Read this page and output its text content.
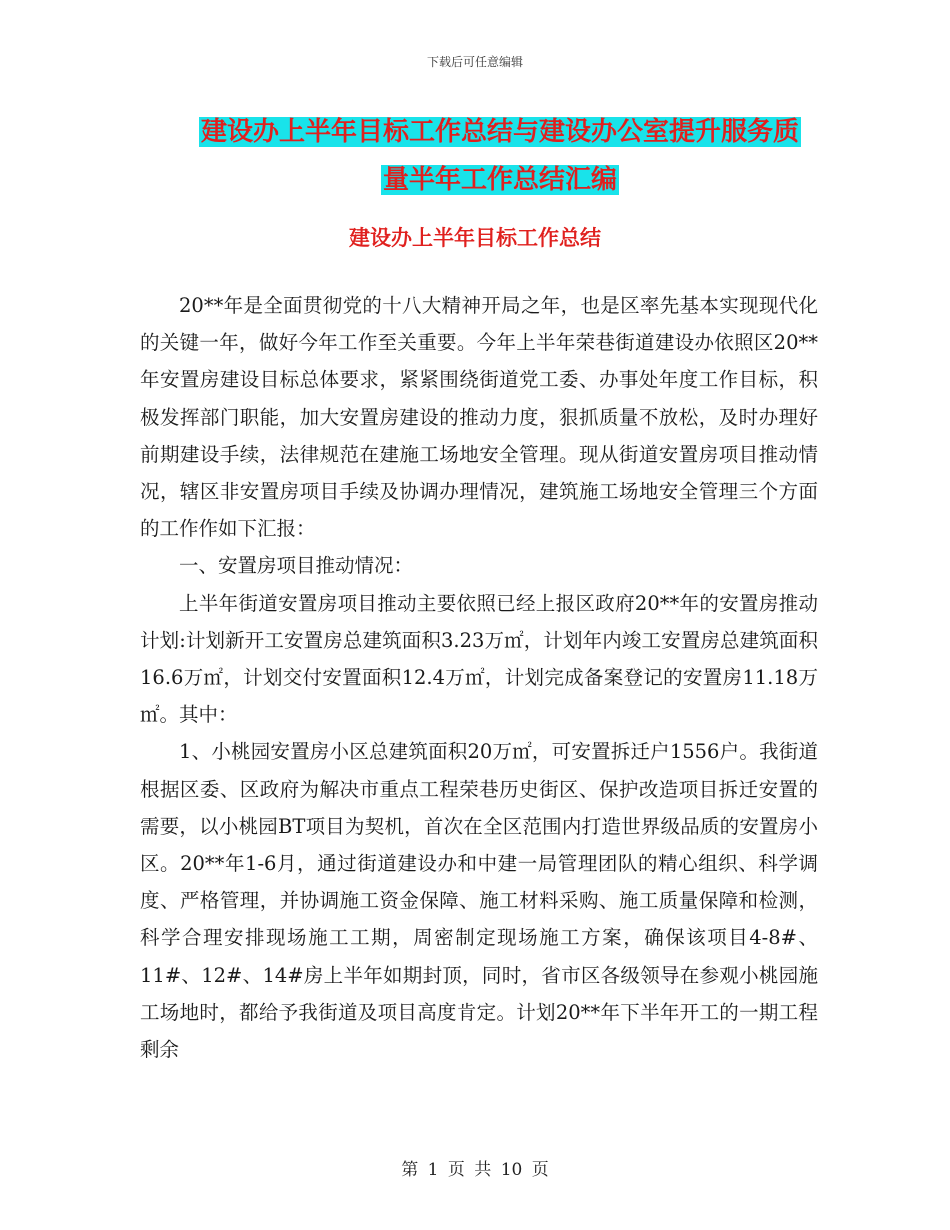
下载后可任意编辑
建设办上半年目标工作总结与建设办公室提升服务质
量半年工作总结汇编
建设办上半年目标工作总结

20**年是全面贯彻党的十八大精神开局之年，也是区率先基本实现现代化的关键一年，做好今年工作至关重要。今年上半年荣巷街道建设办依照区20**年安置房建设目标总体要求，紧紧围绕街道党工委、办事处年度工作目标，积极发挥部门职能，加大安置房建设的推动力度，狠抓质量不放松，及时办理好前期建设手续，法律规范在建施工场地安全管理。现从街道安置房项目推动情况，辖区非安置房项目手续及协调办理情况，建筑施工场地安全管理三个方面的工作作如下汇报：

一、安置房项目推动情况：

上半年街道安置房项目推动主要依照已经上报区政府20**年的安置房推动计划:计划新开工安置房总建筑面积3.23万㎡，计划年内竣工安置房总建筑面积16.6万㎡，计划交付安置面积12.4万㎡，计划完成备案登记的安置房11.18万㎡。其中：

1、小桃园安置房小区总建筑面积20万㎡，可安置拆迁户1556户。我街道根据区委、区政府为解决市重点工程荣巷历史街区、保护改造项目拆迁安置的需要，以小桃园BT项目为契机，首次在全区范围内打造世界级品质的安置房小区。20**年1-6月，通过街道建设办和中建一局管理团队的精心组织、科学调度、严格管理，并协调施工资金保障、施工材料采购、施工质量保障和检测，科学合理安排现场施工工期，周密制定现场施工方案，确保该项目4-8#、11#、12#、14#房上半年如期封顶，同时，省市区各级领导在参观小桃园施工场地时，都给予我街道及项目高度肯定。计划20**年下半年开工的一期工程剩余

第 1 页 共 10 页
